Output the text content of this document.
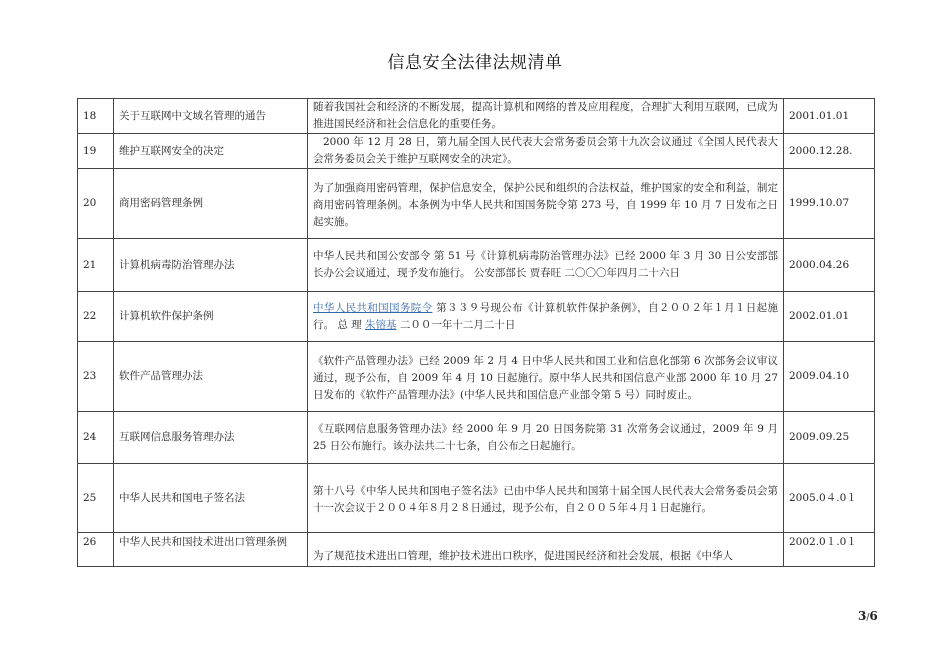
信息安全法律法规清单
18	关于互联网中文域名管理的通告	随着我国社会和经济的不断发展，提高计算机和网络的普及应用程度，合理扩大利用互联网，已成为推进国民经济和社会信息化的重要任务。	2001.01.01
19	维护互联网安全的决定	2000 年 12 月 28 日，第九届全国人民代表大会常务委员会第十九次会议通过《全国人民代表大会常务委员会关于维护互联网安全的决定》。	2000.12.28.
20	商用密码管理条例	为了加强商用密码管理，保护信息安全，保护公民和组织的合法权益，维护国家的安全和利益，制定商用密码管理条例。本条例为中华人民共和国国务院令第 273 号，自 1999 年 10 月 7 日发布之日起实施。	1999.10.07
21	计算机病毒防治管理办法	中华人民共和国公安部令 第 51 号《计算机病毒防治管理办法》已经 2000 年 3 月 30 日公安部部长办公会议通过，现予发布施行。 公安部部长 贾春旺 二〇〇〇年四月二十六日	2000.04.26
22	计算机软件保护条例	中华人民共和国国务院令 第３３９号现公布《计算机软件保护条例》，自２００２年１月１日起施行。 总 理 朱镕基 二００一年十二月二十日	2002.01.01
23	软件产品管理办法	《软件产品管理办法》已经 2009 年 2 月 4 日中华人民共和国工业和信息化部第 6 次部务会议审议通过，现予公布，自 2009 年 4 月 10 日起施行。原中华人民共和国信息产业部 2000 年 10 月 27 日发布的《软件产品管理办法》(中华人民共和国信息产业部令第 5 号）同时废止。	2009.04.10
24	互联网信息服务管理办法	《互联网信息服务管理办法》经 2000 年 9 月 20 日国务院第 31 次常务会议通过，2009 年 9 月 25 日公布施行。该办法共二十七条，自公布之日起施行。	2009.09.25
25	中华人民共和国电子签名法	第十八号《中华人民共和国电子签名法》已由中华人民共和国第十届全国人民代表大会常务委员会第十一次会议于２００４年８月２８日通过，现予公布，自２００５年４月１日起施行。	2005.0４.0１
26	中华人民共和国技术进出口管理条例	为了规范技术进出口管理，维护技术进出口秩序，促进国民经济和社会发展，根据《中华人	2002.0１.0１
3/6
